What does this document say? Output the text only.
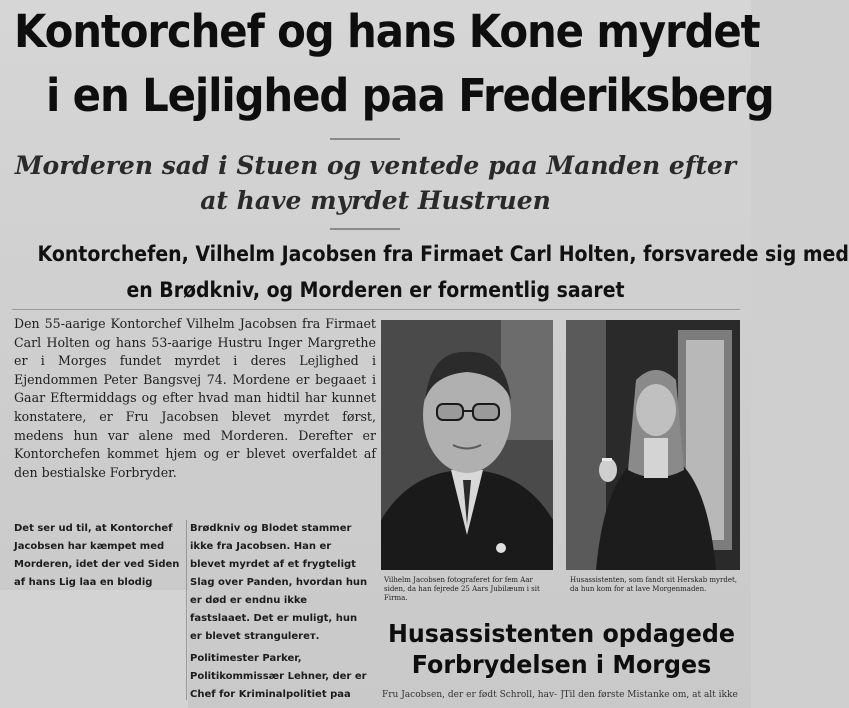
Kontorchef og hans Kone myrdet
i en Lejlighed paa Frederiksberg
Morderen sad i Stuen og ventede paa Manden efter
at have myrdet Hustruen
Kontorchefen, Vilhelm Jacobsen fra Firmaet Carl Holten, forsvarede sig med
en Brødkniv, og Morderen er formentlig saaret
Den 55-aarige Kontorchef Vilhelm Jacobsen fra Firmaet Carl Holten og hans 53-aarige Hustru Inger Margrethe er i Morges fundet myrdet i deres Lejlighed i Ejendommen Peter Bangsvej 74. Mordene er begaaet i Gaar Eftermiddags og efter hvad man hidtil har kunnet konstatere, er Fru Jacobsen blevet myrdet først, medens hun var alene med Morderen. Derefter er Kontorchefen kommet hjem og er blevet overfaldet af den bestialske Forbryder.
Det ser ud til, at Kontorchef Jacobsen har kæmpet med Morderen, idet der ved Siden af hans Lig laa en blodig
Brødkniv og Blodet stammer ikke fra Jacobsen. Han er blevet myrdet af et frygteligt Slag over Panden, hvordan hun er død er endnu ikke fastslaaet. Det er muligt, hun er blevet strangulerет.
Politimester Parker, Politikommissær Lehner, der er Chef for Kriminalpolitiet paa
Vilhelm Jacobsen fotograferet for fem Aar siden, da han fejrede 25 Aars Jubilæum i sit Firma.
Husassistenten, som fandt sit Herskab myrdet, da hun kom for at lave Morgenmaden.
Husassistenten opdagede
Forbrydelsen i Morges
Fru Jacobsen, der er født Schroll, hav- ]Til den første Mistanke om, at alt ikke
